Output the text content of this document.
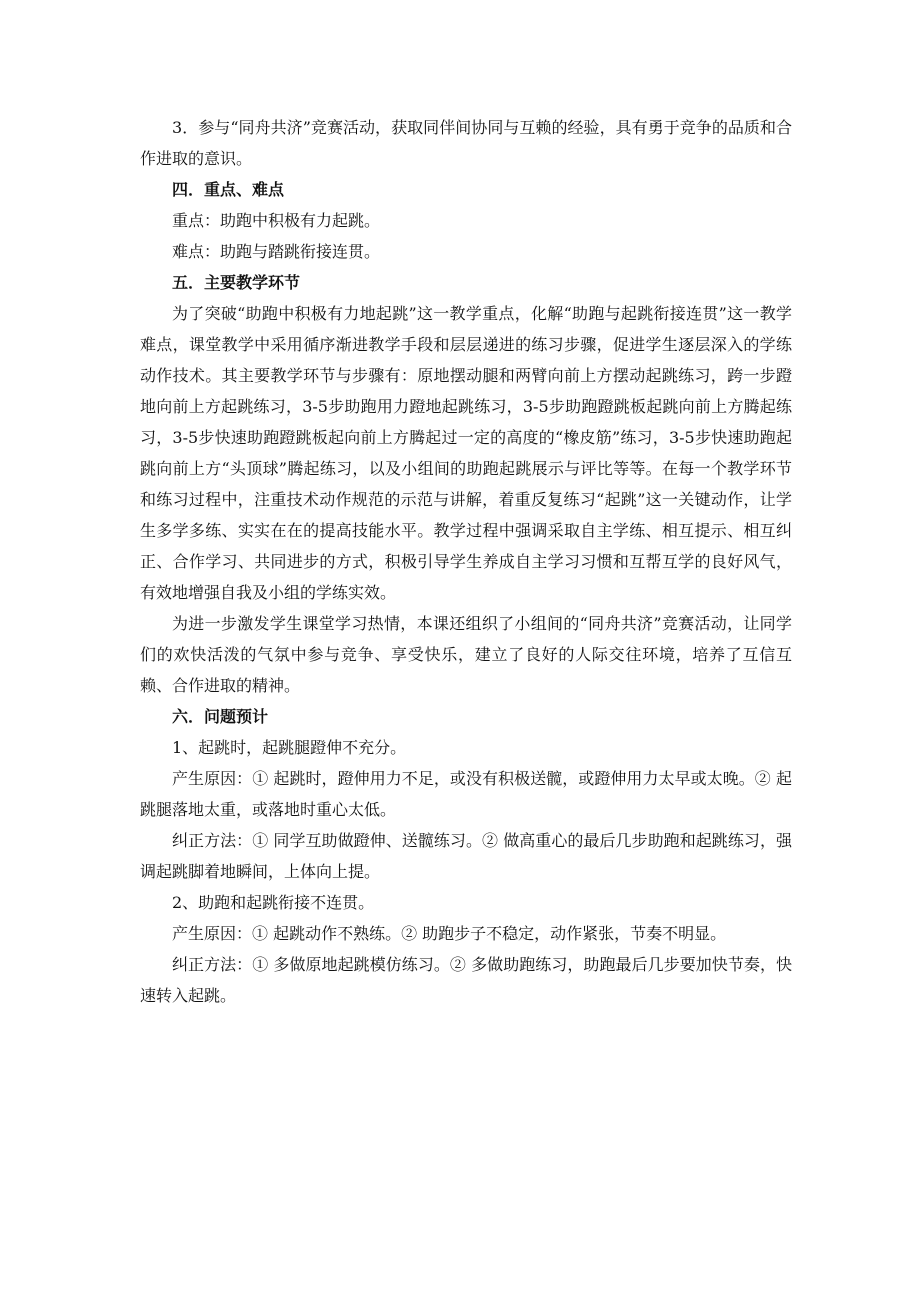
3．参与“同舟共济”竞赛活动，获取同伴间协同与互赖的经验，具有勇于竞争的品质和合作进取的意识。

四．重点、难点

重点：助跑中积极有力起跳。

难点：助跑与踏跳衔接连贯。

五．主要教学环节

为了突破“助跑中积极有力地起跳”这一教学重点，化解“助跑与起跳衔接连贯”这一教学难点，课堂教学中采用循序渐进教学手段和层层递进的练习步骤，促进学生逐层深入的学练动作技术。其主要教学环节与步骤有：原地摆动腿和两臂向前上方摆动起跳练习，跨一步蹬地向前上方起跳练习，3-5步助跑用力蹬地起跳练习，3-5步助跑蹬跳板起跳向前上方腾起练习，3-5步快速助跑蹬跳板起向前上方腾起过一定的高度的“橡皮筋”练习，3-5步快速助跑起跳向前上方“头顶球”腾起练习，以及小组间的助跑起跳展示与评比等等。在每一个教学环节和练习过程中，注重技术动作规范的示范与讲解，着重反复练习“起跳”这一关键动作，让学生多学多练、实实在在的提高技能水平。教学过程中强调采取自主学练、相互提示、相互纠正、合作学习、共同进步的方式，积极引导学生养成自主学习习惯和互帮互学的良好风气，有效地增强自我及小组的学练实效。

为进一步激发学生课堂学习热情，本课还组织了小组间的“同舟共济”竞赛活动，让同学们的欢快活泼的气氛中参与竞争、享受快乐，建立了良好的人际交往环境，培养了互信互赖、合作进取的精神。

六．问题预计

1、起跳时，起跳腿蹬伸不充分。

产生原因：① 起跳时，蹬伸用力不足，或没有积极送髋，或蹬伸用力太早或太晚。② 起跳腿落地太重，或落地时重心太低。

纠正方法：① 同学互助做蹬伸、送髋练习。② 做高重心的最后几步助跑和起跳练习，强调起跳脚着地瞬间，上体向上提。

2、助跑和起跳衔接不连贯。

产生原因：① 起跳动作不熟练。② 助跑步子不稳定，动作紧张，节奏不明显。

纠正方法：① 多做原地起跳模仿练习。② 多做助跑练习，助跑最后几步要加快节奏，快速转入起跳。
